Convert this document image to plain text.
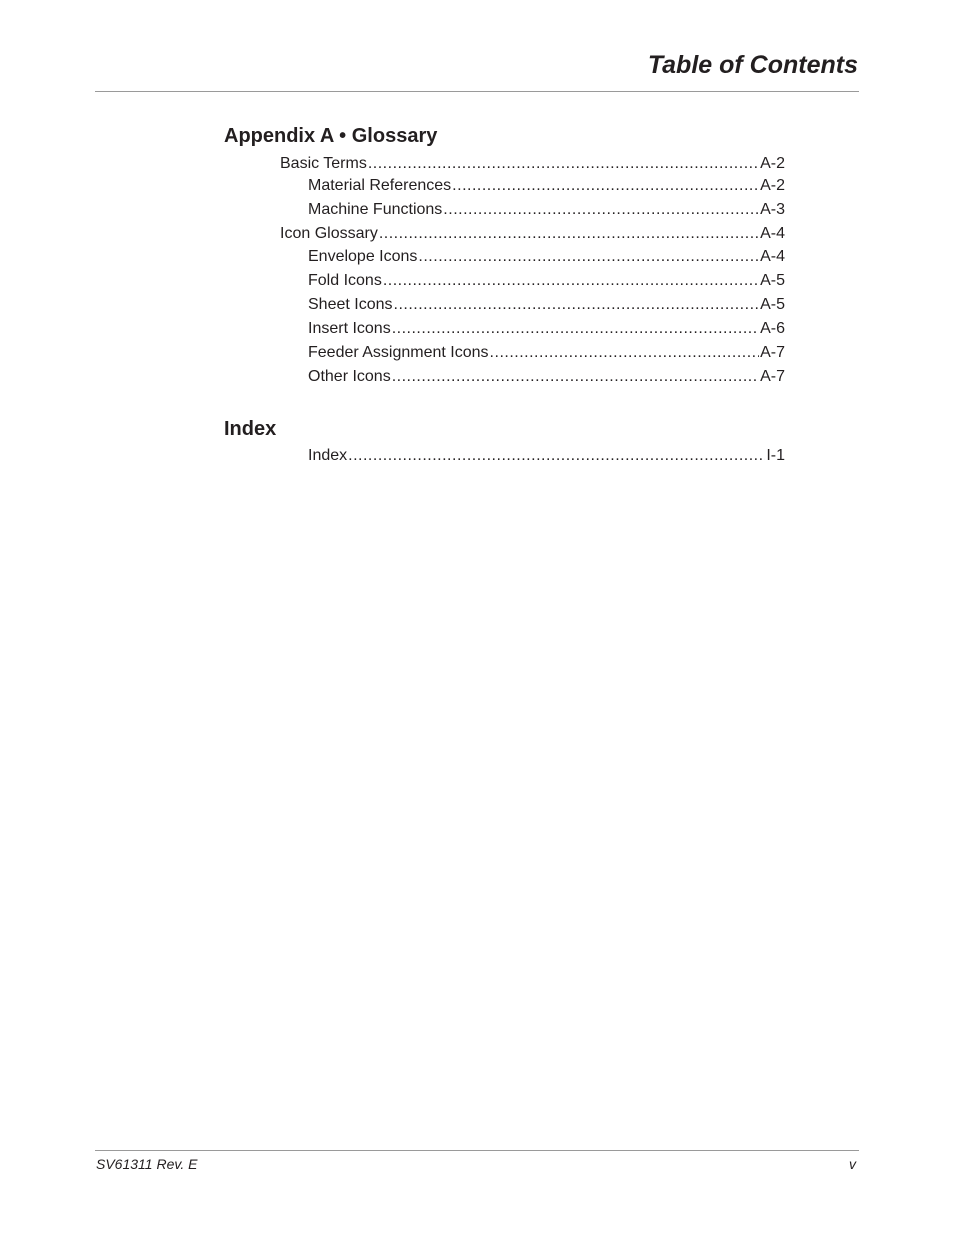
Table of Contents
Appendix A • Glossary
Basic Terms .....	A-2
Material References .....	A-2
Machine Functions .....	A-3
Icon Glossary .....	A-4
Envelope Icons .....	A-4
Fold Icons .....	A-5
Sheet Icons .....	A-5
Insert Icons .....	A-6
Feeder Assignment Icons .....	A-7
Other Icons .....	A-7
Index
Index .....	I-1
SV61311 Rev. E	v
